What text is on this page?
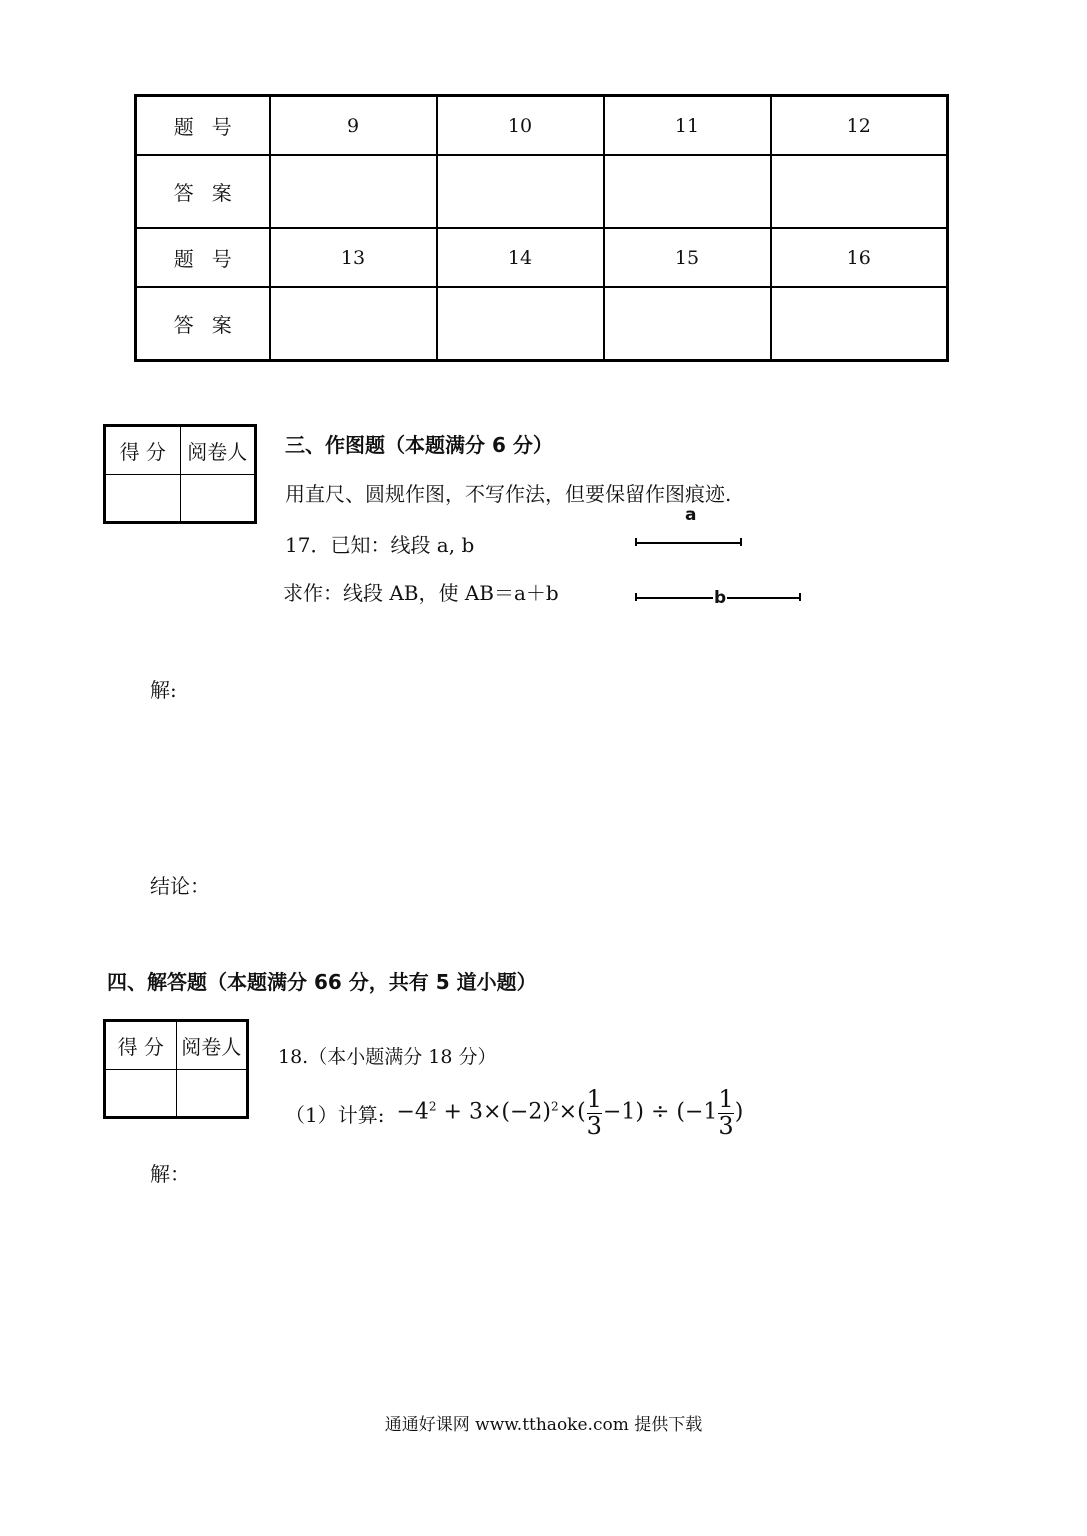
题号	9	10	11	12
答案				
题号	13	14	15	16
答案				
得 分	阅卷人
	三、作图题（本题满分 6 分）
用直尺、圆规作图，不写作法，但要保留作图痕迹.
17．已知：线段 a, b
求作：线段 AB，使 AB＝a＋b
a
b
解:
结论：
四、解答题（本题满分 66 分，共有 5 道小题）
得 分	阅卷人
	18.（本小题满分 18 分）
（1）计算: $-4^2 + 3\times(-2)^2\times( \frac{1}{3} -1) \div (-1 \frac{1}{3}$ )
解：
通通好课网 www.tthaoke.com 提供下载
